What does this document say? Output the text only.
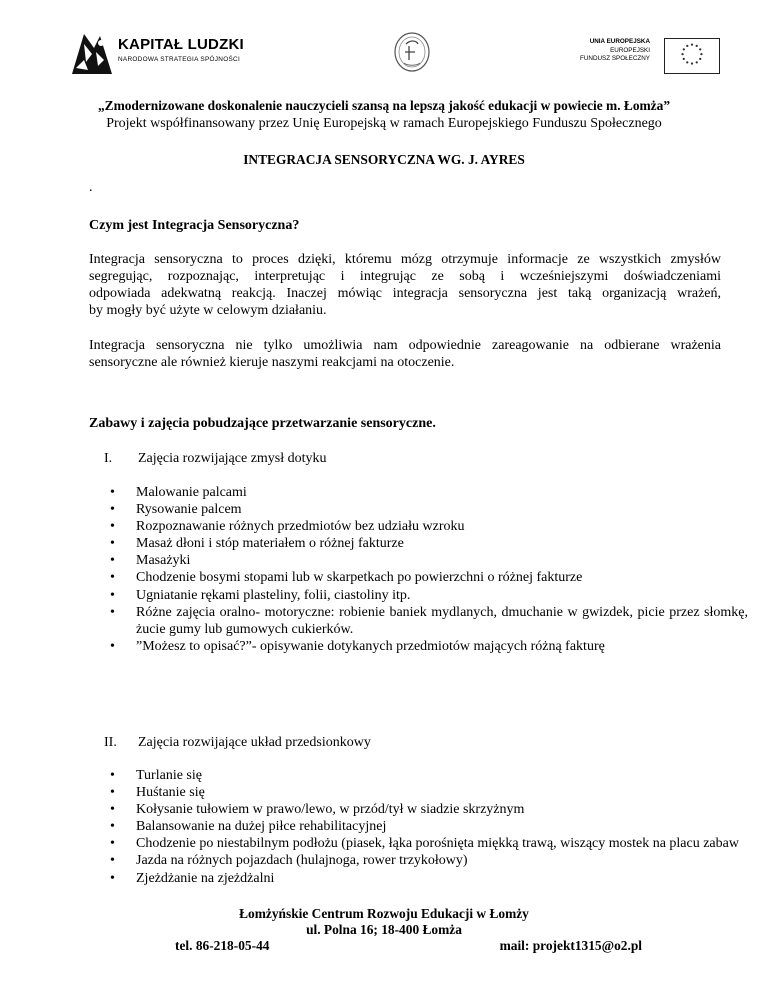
KAPITAŁ LUDZKI
NARODOWA STRATEGIA SPÓJNOŚCI
UNIA EUROPEJSKA
EUROPEJSKI
FUNDUSZ SPOŁECZNY
„Zmodernizowane doskonalenie nauczycieli szansą na lepszą jakość edukacji w powiecie m. Łomża”
Projekt współfinansowany przez Unię Europejską w ramach Europejskiego Funduszu Społecznego
INTEGRACJA SENSORYCZNA WG. J. AYRES
.
Czym jest Integracja Sensoryczna?
Integracja sensoryczna to proces dzięki, któremu mózg otrzymuje informacje ze wszystkich zmysłów
segregując, rozpoznając, interpretując i integrując ze sobą i wcześniejszymi doświadczeniami
odpowiada adekwatną reakcją. Inaczej mówiąc integracja sensoryczna jest taką organizacją wrażeń,
by mogły być użyte w celowym działaniu.
Integracja sensoryczna nie tylko umożliwia nam odpowiednie zareagowanie na odbierane wrażenia
sensoryczne ale również kieruje naszymi reakcjami na otoczenie.
Zabawy i zajęcia pobudzające przetwarzanie sensoryczne.
I. Zajęcia rozwijające zmysł dotyku
• Malowanie palcami
• Rysowanie palcem
• Rozpoznawanie różnych przedmiotów bez udziału wzroku
• Masaż dłoni i stóp materiałem o różnej fakturze
• Masażyki
• Chodzenie bosymi stopami lub w skarpetkach po powierzchni o różnej fakturze
• Ugniatanie rękami plasteliny, folii, ciastoliny itp.
• Różne zajęcia oralno- motoryczne: robienie baniek mydlanych, dmuchanie w gwizdek, picie przez słomkę, żucie gumy lub gumowych cukierków.
• ”Możesz to opisać?”- opisywanie dotykanych przedmiotów mających różną fakturę
II. Zajęcia rozwijające układ przedsionkowy
• Turlanie się
• Huśtanie się
• Kołysanie tułowiem w prawo/lewo, w przód/tył w siadzie skrzyżnym
• Balansowanie na dużej piłce rehabilitacyjnej
• Chodzenie po niestabilnym podłożu (piasek, łąka porośnięta miękką trawą, wiszący mostek na placu zabaw
• Jazda na różnych pojazdach (hulajnoga, rower trzykołowy)
• Zjeżdżanie na zjeżdżalni
Łomżyńskie Centrum Rozwoju Edukacji w Łomży
ul. Polna 16; 18-400 Łomża
tel. 86-218-05-44	mail: projekt1315@o2.pl
